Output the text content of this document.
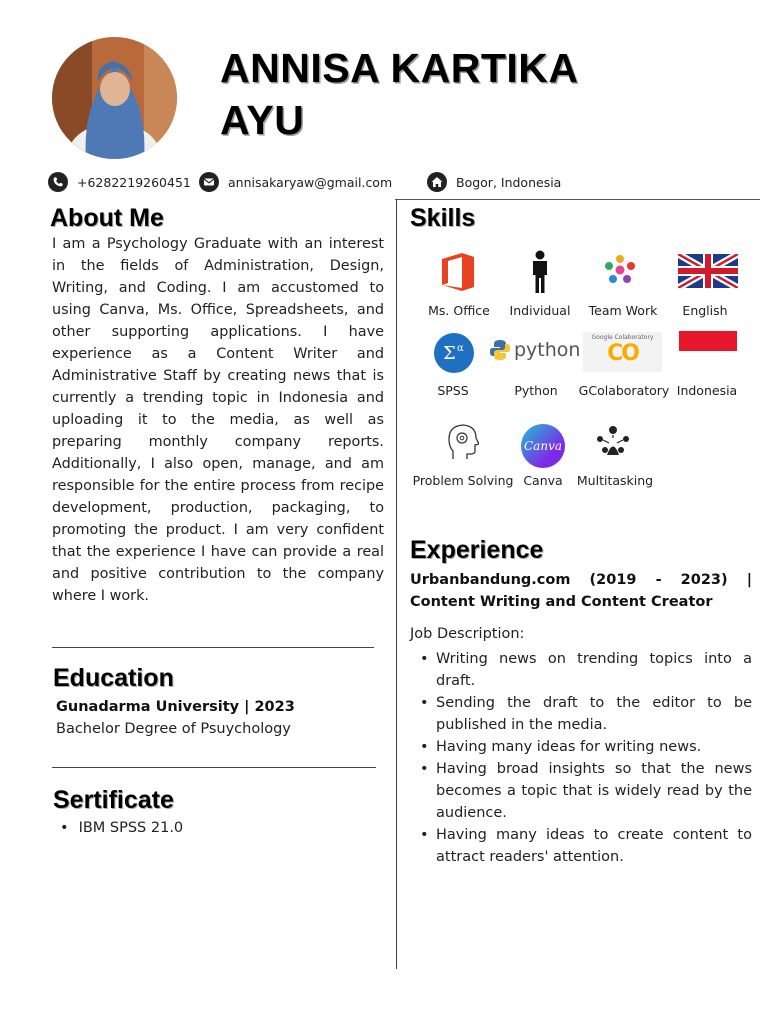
ANNISA KARTIKA
AYU
+6282219260451	annisakaryaw@gmail.com	Bogor, Indonesia
About Me
I am a Psychology Graduate with an interest in the fields of Administration, Design, Writing, and Coding. I am accustomed to using Canva, Ms. Office, Spreadsheets, and other supporting applications. I have experience as a Content Writer and Administrative Staff by creating news that is currently a trending topic in Indonesia and uploading it to the media, as well as preparing monthly company reports. Additionally, I also open, manage, and am responsible for the entire process from recipe development, production, packaging, to promoting the product. I am very confident that the experience I have can provide a real and positive contribution to the company where I work.
Education
Gunadarma University | 2023
Bachelor Degree of Psuychology
Sertificate
• IBM SPSS 21.0
Skills
Ms. Office	Individual	Team Work	English
Σ α
SPSS
python
Python
Google Colaboratory
CO
GColaboratory Indonesia
Problem Solving
Canva
Canva	Multitasking
Experience
Urbanbandung.com (2019 - 2023) | Content Writing and Content Creator
Job Description:
• Writing news on trending topics into a draft.
• Sending the draft to the editor to be published in the media.
• Having many ideas for writing news.
• Having broad insights so that the news becomes a topic that is widely read by the audience.
• Having many ideas to create content to attract readers' attention.
